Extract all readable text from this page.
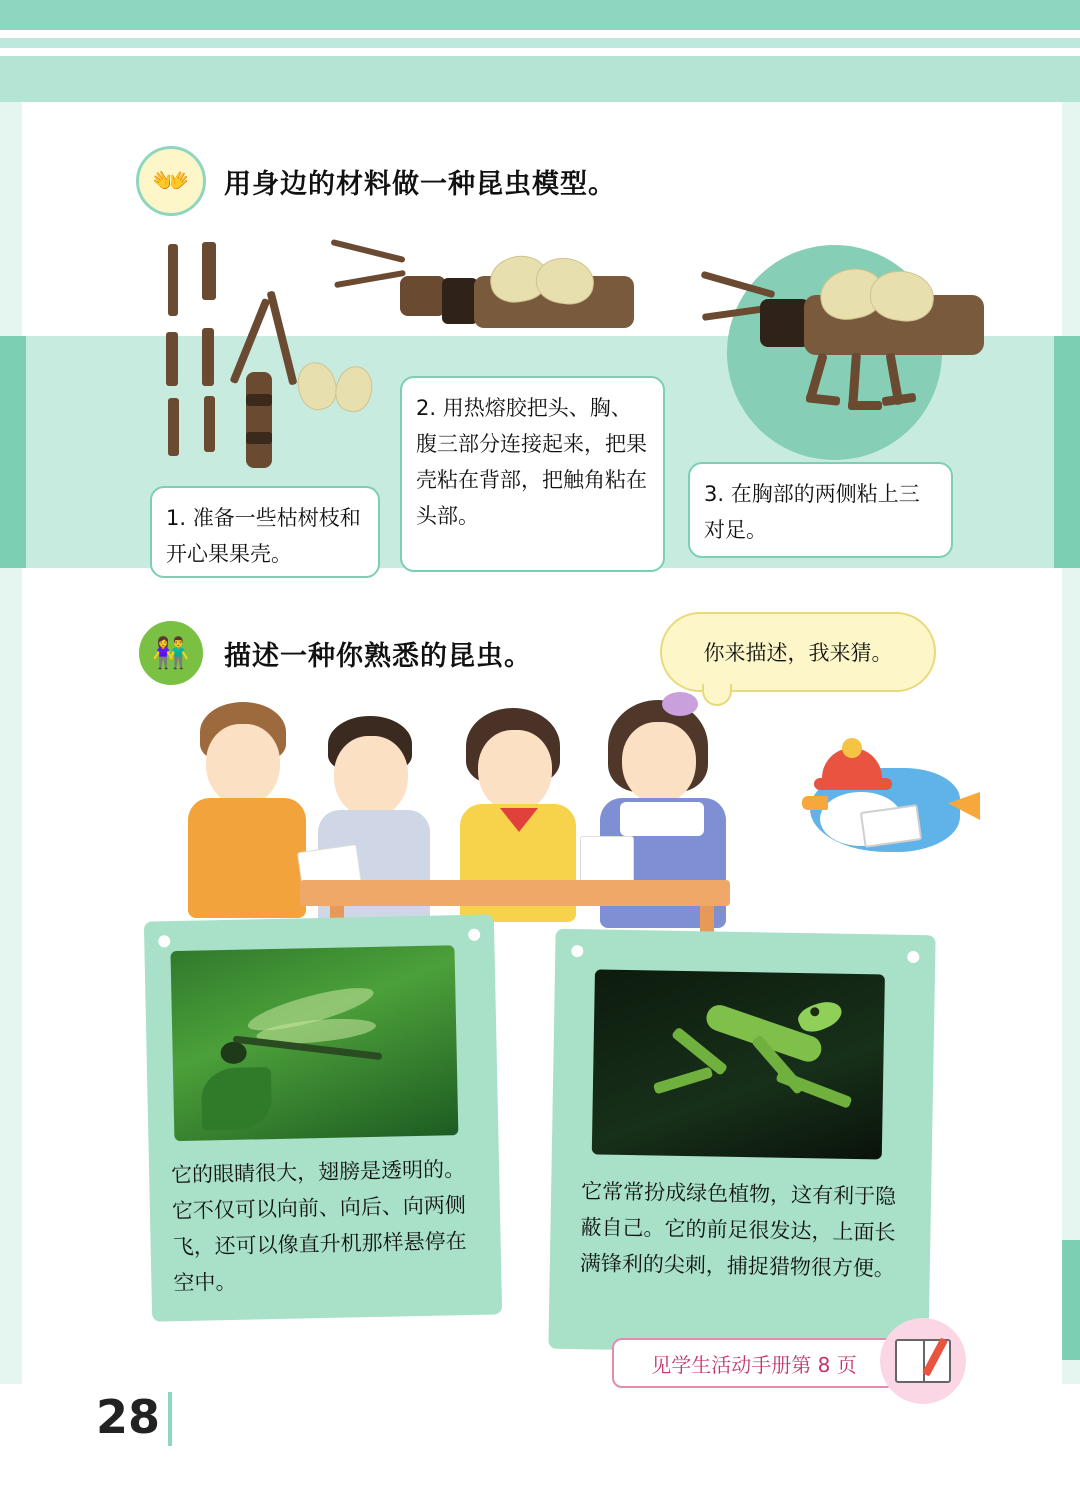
👐	用身边的材料做一种昆虫模型。
1. 准备一些枯树枝和开心果果壳。
2. 用热熔胶把头、胸、腹三部分连接起来，把果壳粘在背部，把触角粘在头部。
3. 在胸部的两侧粘上三对足。
👫	描述一种你熟悉的昆虫。	你来描述，我来猜。
它的眼睛很大，翅膀是透明的。它不仅可以向前、向后、向两侧飞，还可以像直升机那样悬停在空中。
它常常扮成绿色植物，这有利于隐蔽自己。它的前足很发达，上面长满锋利的尖刺，捕捉猎物很方便。
见学生活动手册第 8 页
28
